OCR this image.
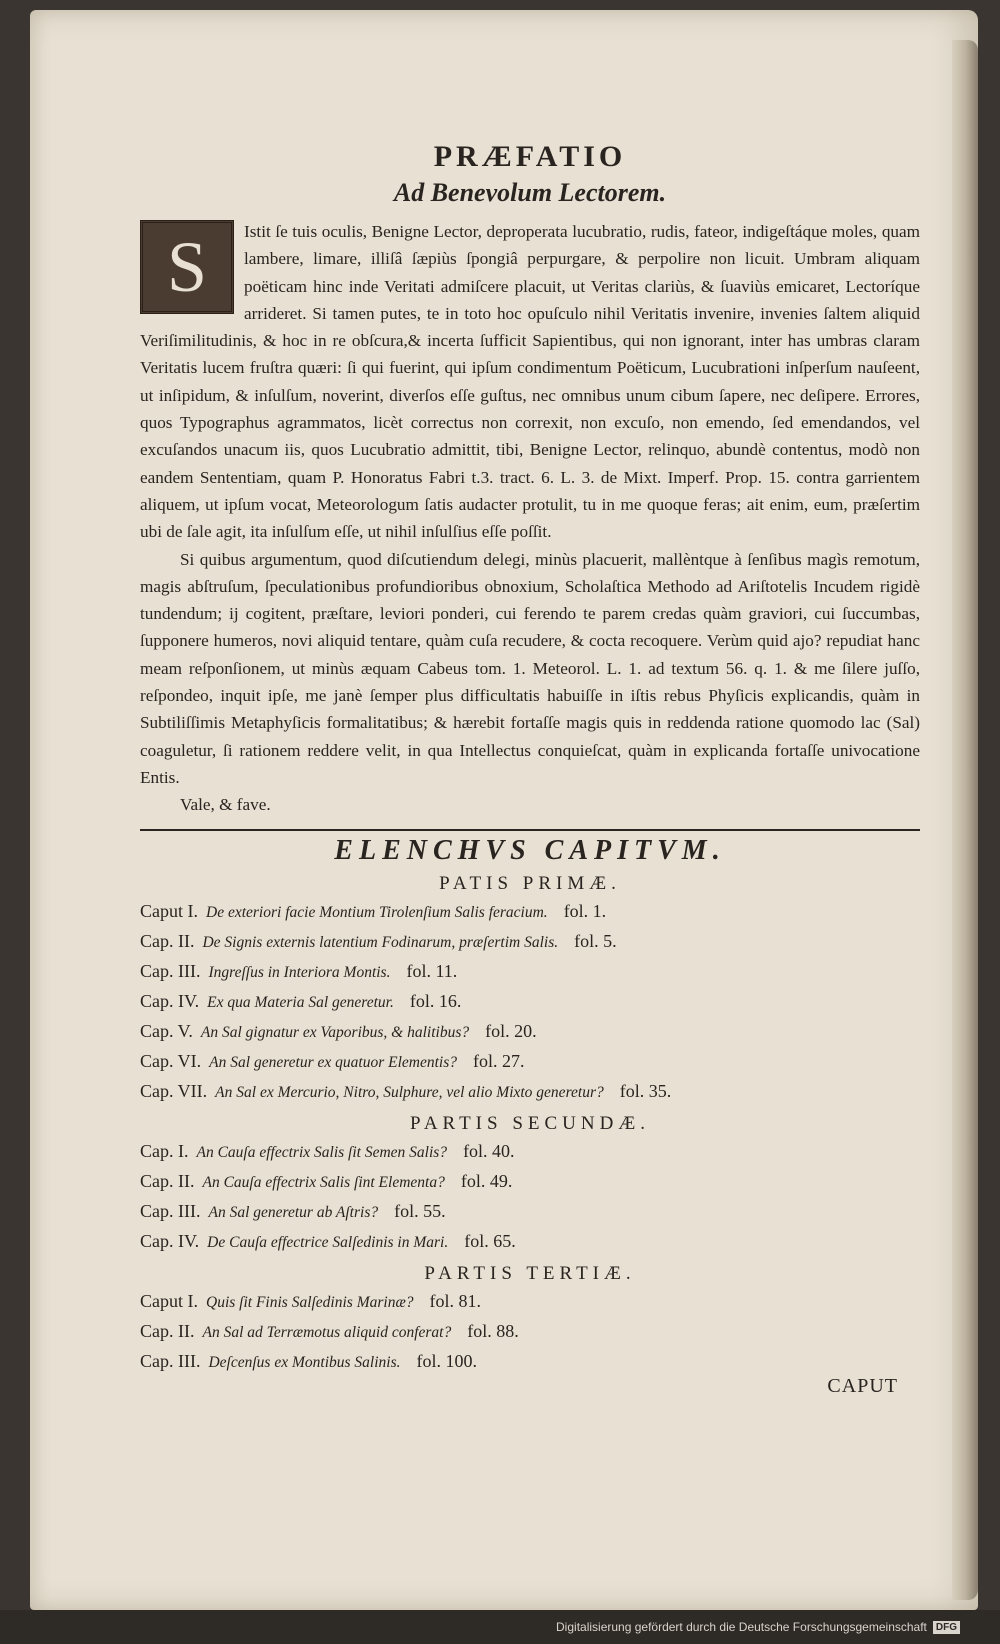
PRÆFATIO
Ad Benevolum Lectorem.
S	Istit ſe tuis oculis, Benigne Lector, deproperata lucubratio, rudis, fateor, indigeſtáque moles, quam lambere, limare, illiſâ ſæpiùs ſpongiâ perpurgare, & perpolire non licuit. Umbram aliquam poëticam hinc inde Veritati admiſcere placuit, ut Veritas clariùs, & ſuaviùs emicaret, Lectoríque arrideret. Si tamen putes, te in toto hoc opuſculo nihil Veritatis invenire, invenies ſaltem aliquid Veriſimilitudinis, & hoc in re obſcura,& incerta ſufficit Sapientibus, qui non ignorant, inter has umbras claram Veritatis lucem fruſtra quæri: ſi qui fuerint, qui ipſum condimentum Poëticum, Lucubrationi inſperſum nauſeent, ut inſipidum, & inſulſum, noverint, diverſos eſſe guſtus, nec omnibus unum cibum ſapere, nec deſipere. Errores, quos Typographus agrammatos, licèt correctus non correxit, non excuſo, non emendo, ſed emendandos, vel excuſandos unacum iis, quos Lucubratio admittit, tibi, Benigne Lector, relinquo, abundè contentus, modò non eandem Sententiam, quam P. Honoratus Fabri t.3. tract. 6. L. 3. de Mixt. Imperf. Prop. 15. contra garrientem aliquem, ut ipſum vocat, Meteorologum ſatis audacter protulit, tu in me quoque feras; ait enim, eum, præſertim ubi de ſale agit, ita inſulſum eſſe, ut nihil inſulſius eſſe poſſit.

Si quibus argumentum, quod diſcutiendum delegi, minùs placuerit, mallèntque à ſenſibus magìs remotum, magis abſtruſum, ſpeculationibus profundioribus obnoxium, Scholaſtica Methodo ad Ariſtotelis Incudem rigidè tundendum; ij cogitent, præſtare, leviori ponderi, cui ferendo te parem credas quàm graviori, cui ſuccumbas, ſupponere humeros, novi aliquid tentare, quàm cuſa recudere, & cocta recoquere. Verùm quid ajo? repudiat hanc meam reſponſionem, ut minùs æquam Cabeus tom. 1. Meteorol. L. 1. ad textum 56. q. 1. & me ſilere juſſo, reſpondeo, inquit ipſe, me janè ſemper plus difficultatis habuiſſe in iſtis rebus Phyſicis explicandis, quàm in Subtiliſſimis Metaphyſicis formalitatibus; & hærebit fortaſſe magis quis in reddenda ratione quomodo lac (Sal) coaguletur, ſi rationem reddere velit, in qua Intellectus conquieſcat, quàm in explicanda fortaſſe univocatione Entis.

Vale, & fave.

ELENCHVS CAPITVM.
PATIS PRIMÆ.
Caput I. De exteriori facie Montium Tirolenſium Salis feracium. fol. 1.
Cap. II. De Signis externis latentium Fodinarum, præſertim Salis. fol. 5.
Cap. III. Ingreſſus in Interiora Montis. fol. 11.
Cap. IV. Ex qua Materia Sal generetur. fol. 16.
Cap. V. An Sal gignatur ex Vaporibus, & halitibus? fol. 20.
Cap. VI. An Sal generetur ex quatuor Elementis? fol. 27.
Cap. VII. An Sal ex Mercurio, Nitro, Sulphure, vel alio Mixto generetur? fol. 35.
PARTIS SECUNDÆ.
Cap. I. An Cauſa effectrix Salis ſit Semen Salis? fol. 40.
Cap. II. An Cauſa effectrix Salis ſint Elementa? fol. 49.
Cap. III. An Sal generetur ab Aſtris? fol. 55.
Cap. IV. De Cauſa effectrice Salſedinis in Mari. fol. 65.
PARTIS TERTIÆ.
Caput I. Quis ſit Finis Salſedinis Marinæ? fol. 81.
Cap. II. An Sal ad Terræmotus aliquid conferat? fol. 88.
Cap. III. Deſcenſus ex Montibus Salinis. fol. 100.
CAPUT
Digitalisierung gefördert durch die Deutsche Forschungsgemeinschaft DFG
